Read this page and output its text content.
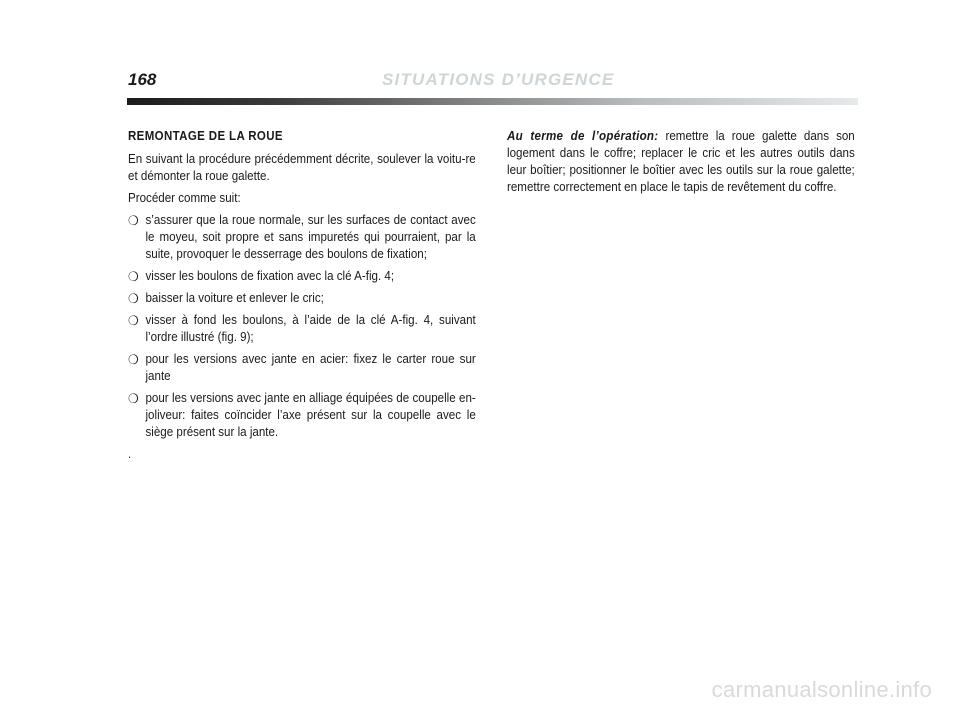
168	SITUATIONS D’URGENCE
REMONTAGE DE LA ROUE

En suivant la procédure précédemment décrite, soulever la voitu-re et démonter la roue galette.

Procéder comme suit:

❍ s’assurer que la roue normale, sur les surfaces de contact avec le moyeu, soit propre et sans impuretés qui pourraient, par la suite, provoquer le desserrage des boulons de fixation;
❍ visser les boulons de fixation avec la clé A-fig. 4;
❍ baisser la voiture et enlever le cric;
❍ visser à fond les boulons, à l’aide de la clé A-fig. 4, suivant l’ordre illustré (fig. 9);
❍ pour les versions avec jante en acier: fixez le carter roue sur jante
❍ pour les versions avec jante en alliage équipées de coupelle en-joliveur: faites coïncider l’axe présent sur la coupelle avec le siège présent sur la jante.
.

Au terme de l’opération: remettre la roue galette dans son logement dans le coffre; replacer le cric et les autres outils dans leur boîtier; positionner le boîtier avec les outils sur la roue galette; remettre correctement en place le tapis de revêtement du coffre.

carmanualsonline.info
